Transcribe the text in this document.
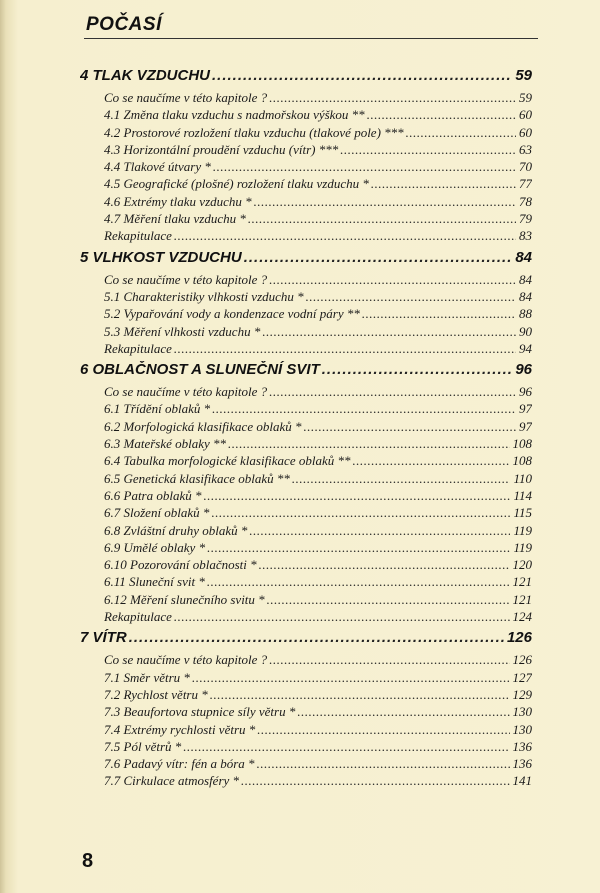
POČASÍ
4 TLAK VZDUCHU .....	59
Co se naučíme v této kapitole ? .....	59
4.1 Změna tlaku vzduchu s nadmořskou výškou ** .....	60
4.2 Prostorové rozložení tlaku vzduchu (tlakové pole) *** .....	60
4.3 Horizontální proudění vzduchu (vítr) *** .....	63
4.4 Tlakové útvary * .....	70
4.5 Geografické (plošné) rozložení tlaku vzduchu * .....	77
4.6 Extrémy tlaku vzduchu * .....	78
4.7 Měření tlaku vzduchu * .....	79
Rekapitulace .....	83
5 VLHKOST VZDUCHU .....	84
Co se naučíme v této kapitole ? .....	84
5.1 Charakteristiky vlhkosti vzduchu * .....	84
5.2 Vypařování vody a kondenzace vodní páry ** .....	88
5.3 Měření vlhkosti vzduchu * .....	90
Rekapitulace .....	94
6 OBLAČNOST A SLUNEČNÍ SVIT .....	96
Co se naučíme v této kapitole ? .....	96
6.1 Třídění oblaků * .....	97
6.2 Morfologická klasifikace oblaků * .....	97
6.3 Mateřské oblaky ** .....	108
6.4 Tabulka morfologické klasifikace oblaků ** .....	108
6.5 Genetická klasifikace oblaků ** .....	110
6.6 Patra oblaků * .....	114
6.7 Složení oblaků * .....	115
6.8 Zvláštní druhy oblaků * .....	119
6.9 Umělé oblaky * .....	119
6.10 Pozorování oblačnosti * .....	120
6.11 Sluneční svit * .....	121
6.12 Měření slunečního svitu * .....	121
Rekapitulace .....	124
7 VÍTR .....	126
Co se naučíme v této kapitole ? .....	126
7.1 Směr větru * .....	127
7.2 Rychlost větru * .....	129
7.3 Beaufortova stupnice síly větru * .....	130
7.4 Extrémy rychlosti větru * .....	130
7.5 Pól větrů * .....	136
7.6 Padavý vítr: fén a bóra * .....	136
7.7 Cirkulace atmosféry * .....	141
8
